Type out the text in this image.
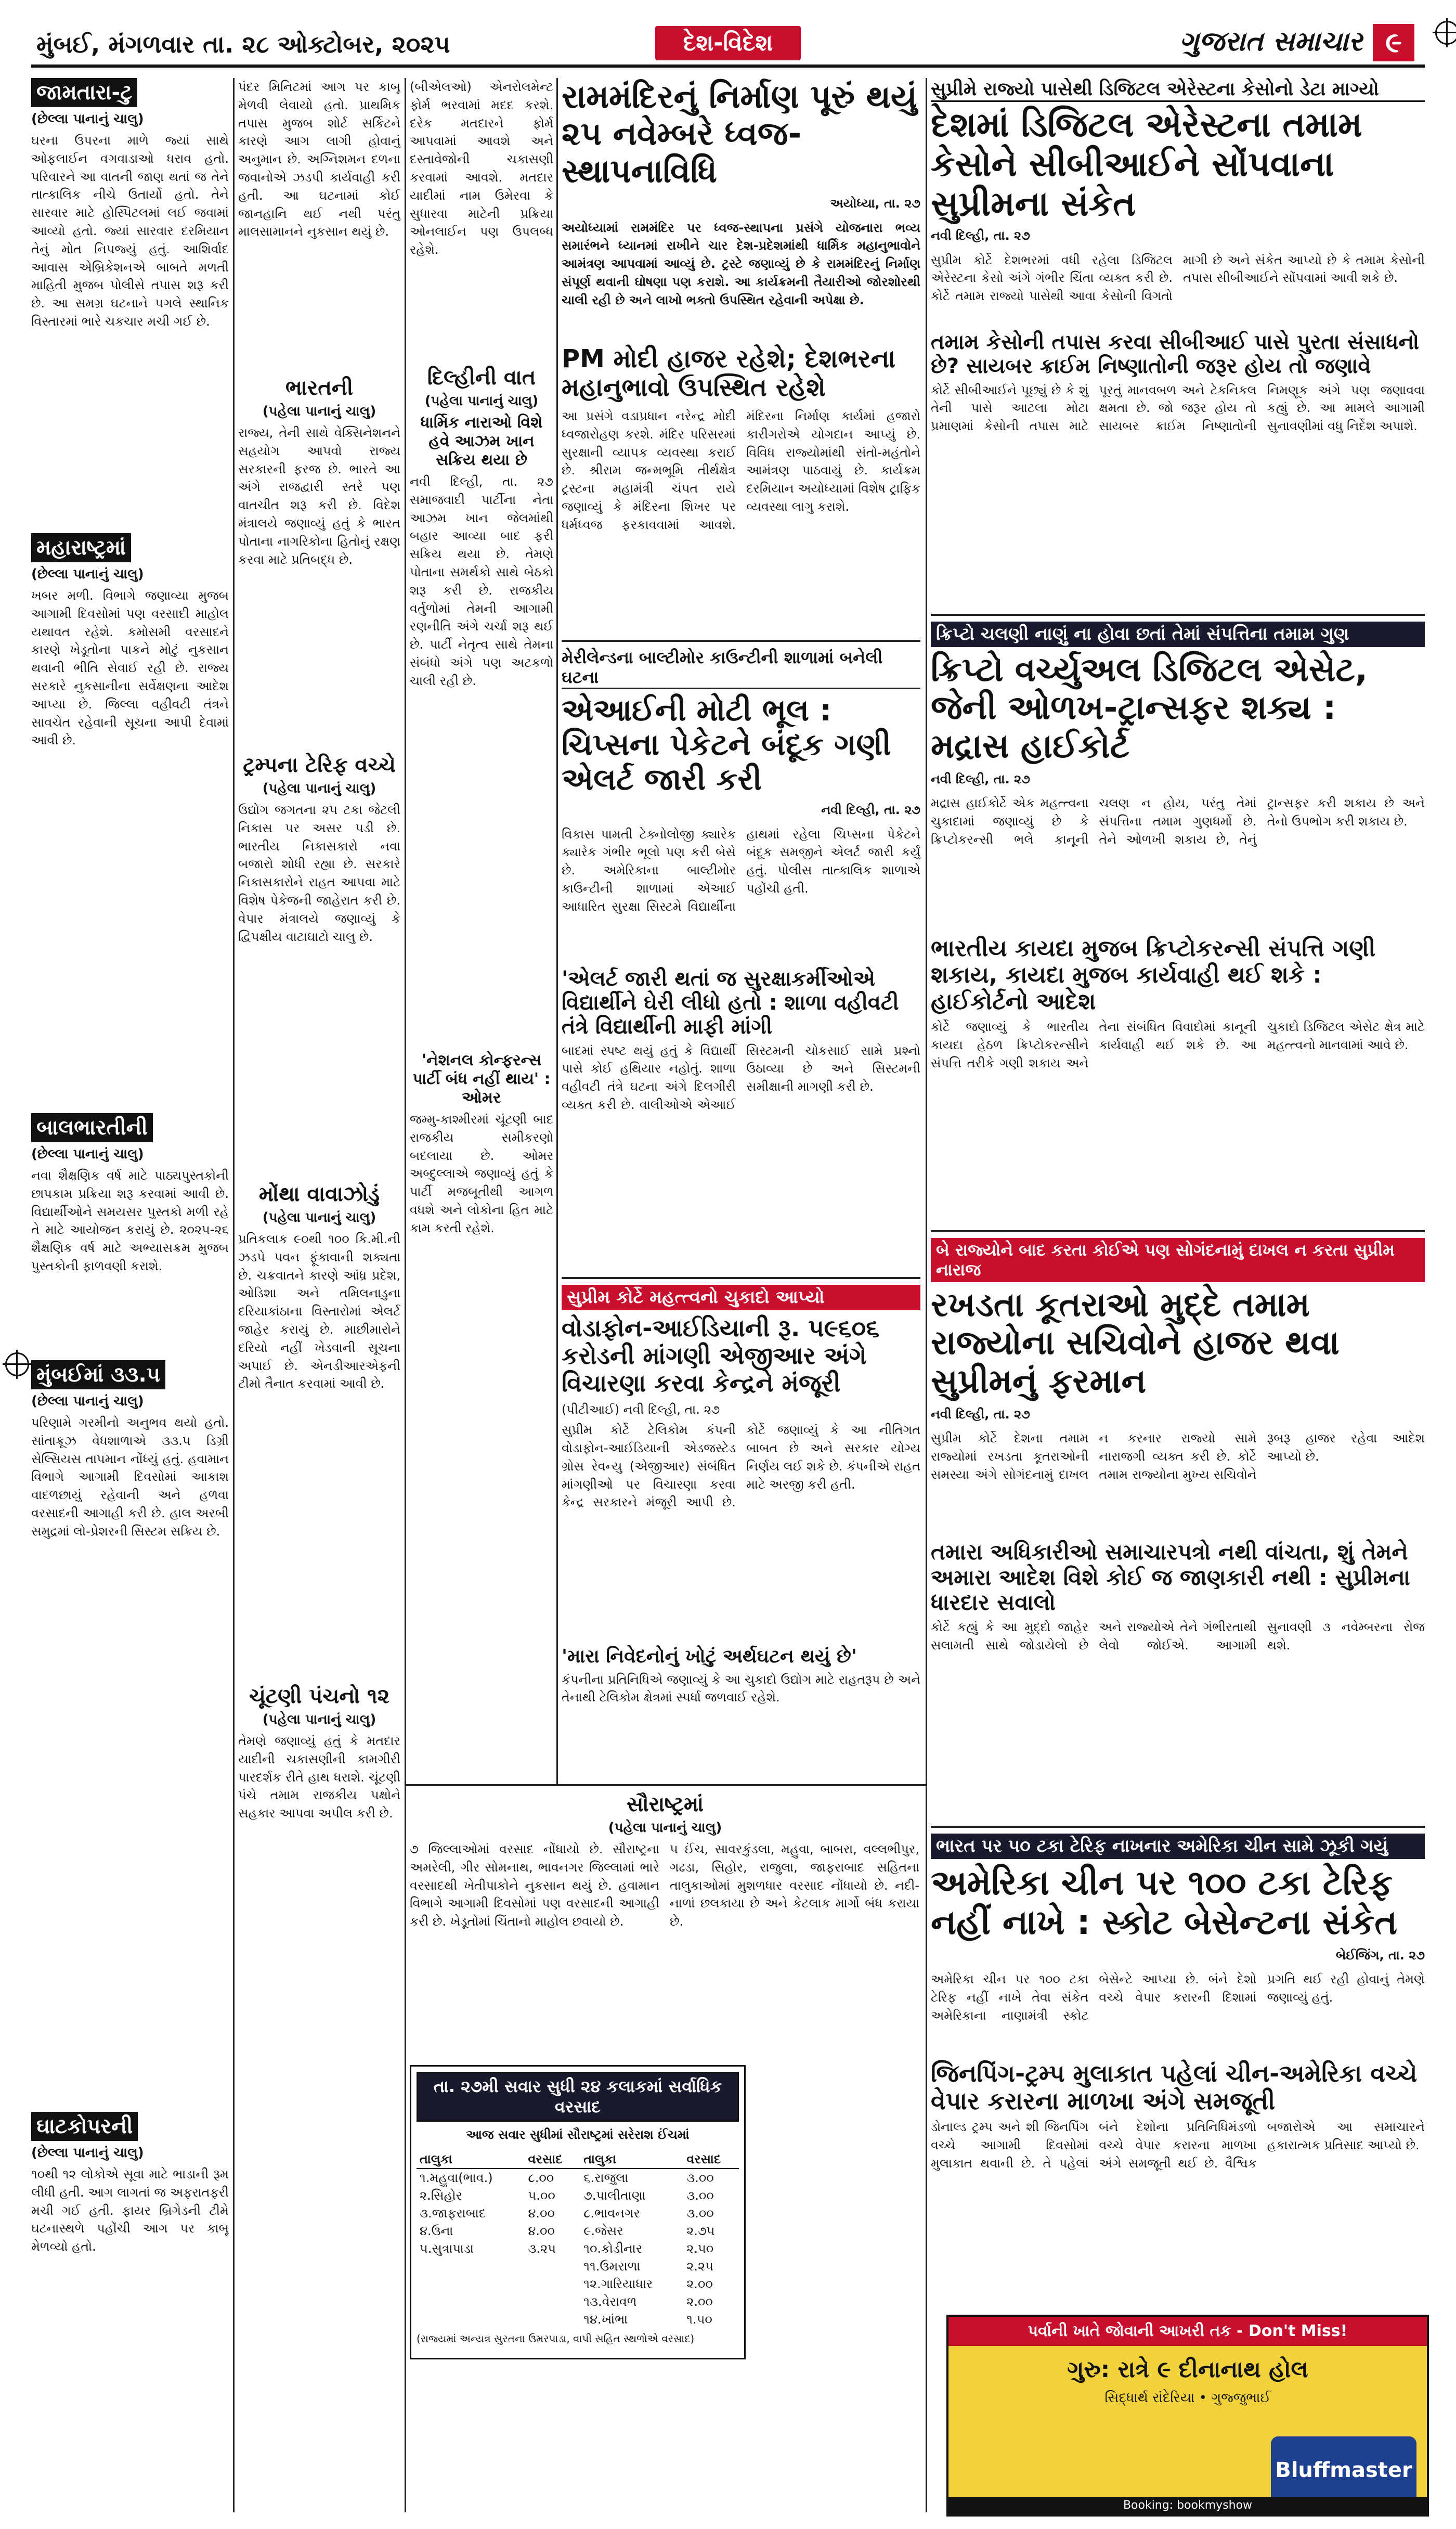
મુંબઈ, મંગળવાર તા. ૨૮ ઓક્ટોબર, ૨૦૨૫	દેશ-વિદેશ	ગુજરાત સમાચાર ૯
જામતારા-ટુ
(છેલ્લા પાનાનું ચાલુ)

ઘરના ઉપરના માળે જ્યાં સાથે ઓફલાઈન વગવાડાઓ ધરાવ હતો. પરિવારને આ વાતની જાણ થતાં જ તેને તાત્કાલિક નીચે ઉતાર્યો હતો. તેને સારવાર માટે હોસ્પિટલમાં લઈ જવામાં આવ્યો હતો. જ્યાં સારવાર દરમિયાન તેનું મોત નિપજ્યું હતું. આશિર્વાદ આવાસ એબ્રિકેશનએ બાબતે મળતી માહિતી મુજબ પોલીસે તપાસ શરૂ કરી છે. આ સમગ્ર ઘટનાને પગલે સ્થાનિક વિસ્તારમાં ભારે ચકચાર મચી ગઈ છે.

મહારાષ્ટ્રમાં
(છેલ્લા પાનાનું ચાલુ)

ખબર મળી. વિભાગે જણાવ્યા મુજબ આગામી દિવસોમાં પણ વરસાદી માહોલ યથાવત રહેશે. કમોસમી વરસાદને કારણે ખેડૂતોના પાકને મોટું નુકસાન થવાની ભીતિ સેવાઈ રહી છે. રાજ્ય સરકારે નુકસાનીના સર્વેક્ષણના આદેશ આપ્યા છે. જિલ્લા વહીવટી તંત્રને સાવચેત રહેવાની સૂચના આપી દેવામાં આવી છે.

બાલભારતીની
(છેલ્લા પાનાનું ચાલુ)

નવા શૈક્ષણિક વર્ષ માટે પાઠ્યપુસ્તકોની છાપકામ પ્રક્રિયા શરૂ કરવામાં આવી છે. વિદ્યાર્થીઓને સમયસર પુસ્તકો મળી રહે તે માટે આયોજન કરાયું છે. ૨૦૨૫-૨૬ શૈક્ષણિક વર્ષ માટે અભ્યાસક્રમ મુજબ પુસ્તકોની ફાળવણી કરાશે.

મુંબઈમાં ૩૩.૫
(છેલ્લા પાનાનું ચાલુ)

પરિણામે ગરમીનો અનુભવ થયો હતો. સાંતાક્રૂઝ વેધશાળાએ ૩૩.૫ ડિગ્રી સેલ્સિયસ તાપમાન નોંધ્યું હતું. હવામાન વિભાગે આગામી દિવસોમાં આકાશ વાદળછાયું રહેવાની અને હળવા વરસાદની આગાહી કરી છે. હાલ અરબી સમુદ્રમાં લો-પ્રેશરની સિસ્ટમ સક્રિય છે.

ઘાટકોપરની
(છેલ્લા પાનાનું ચાલુ)

૧૦થી ૧૨ લોકોએ સૂવા માટે ભાડાની રૂમ લીધી હતી. આગ લાગતાં જ અફરાતફરી મચી ગઈ હતી. ફાયર બ્રિગેડની ટીમે ઘટનાસ્થળે પહોંચી આગ પર કાબૂ મેળવ્યો હતો.

પંદર મિનિટમાં આગ પર કાબૂ મેળવી લેવાયો હતો. પ્રાથમિક તપાસ મુજબ શોર્ટ સર્કિટને કારણે આગ લાગી હોવાનું અનુમાન છે. અગ્નિશમન દળના જવાનોએ ઝડપી કાર્યવાહી કરી હતી. આ ઘટનામાં કોઈ જાનહાનિ થઈ નથી પરંતુ માલસામાનને નુકસાન થયું છે.

ભારતની
(પહેલા પાનાનું ચાલુ)

રાજ્ય, તેની સાથે વેક્સિનેશનને સહયોગ આપવો રાજ્ય સરકારની ફરજ છે. ભારતે આ અંગે રાજદ્વારી સ્તરે પણ વાતચીત શરૂ કરી છે. વિદેશ મંત્રાલયે જણાવ્યું હતું કે ભારત પોતાના નાગરિકોના હિતોનું રક્ષણ કરવા માટે પ્રતિબદ્ધ છે.

ટ્રમ્પના ટેરિફ વચ્ચે
(પહેલા પાનાનું ચાલુ)

ઉદ્યોગ જગતના ૨૫ ટકા જેટલી નિકાસ પર અસર પડી છે. ભારતીય નિકાસકારો નવા બજારો શોધી રહ્યા છે. સરકારે નિકાસકારોને રાહત આપવા માટે વિશેષ પેકેજની જાહેરાત કરી છે. વેપાર મંત્રાલયે જણાવ્યું કે દ્વિપક્ષીય વાટાઘાટો ચાલુ છે.

મોંથા વાવાઝોડું
(પહેલા પાનાનું ચાલુ)

પ્રતિકલાક ૯૦થી ૧૦૦ કિ.મી.ની ઝડપે પવન ફૂંકાવાની શક્યતા છે. ચક્રવાતને કારણે આંધ્ર પ્રદેશ, ઓડિશા અને તમિલનાડુના દરિયાકાંઠાના વિસ્તારોમાં એલર્ટ જાહેર કરાયું છે. માછીમારોને દરિયો નહીં ખેડવાની સૂચના અપાઈ છે. એનડીઆરએફની ટીમો તૈનાત કરવામાં આવી છે.

ચૂંટણી પંચનો ૧૨
(પહેલા પાનાનું ચાલુ)

તેમણે જણાવ્યું હતું કે મતદાર યાદીની ચકાસણીની કામગીરી પારદર્શક રીતે હાથ ધરાશે. ચૂંટણી પંચે તમામ રાજકીય પક્ષોને સહકાર આપવા અપીલ કરી છે.

(બીએલઓ) એનરોલમેન્ટ ફોર્મ ભરવામાં મદદ કરશે. દરેક મતદારને ફોર્મ આપવામાં આવશે અને દસ્તાવેજોની ચકાસણી કરવામાં આવશે. મતદાર યાદીમાં નામ ઉમેરવા કે સુધારવા માટેની પ્રક્રિયા ઓનલાઈન પણ ઉપલબ્ધ રહેશે.

દિલ્હીની વાત
(પહેલા પાનાનું ચાલુ)
ધાર્મિક નારાઓ વિશે હવે આઝમ ખાન સક્રિય થયા છે

નવી દિલ્હી, તા. ૨૭ સમાજવાદી પાર્ટીના નેતા આઝમ ખાન જેલમાંથી બહાર આવ્યા બાદ ફરી સક્રિય થયા છે. તેમણે પોતાના સમર્થકો સાથે બેઠકો શરૂ કરી છે. રાજકીય વર્તુળોમાં તેમની આગામી રણનીતિ અંગે ચર્ચા શરૂ થઈ છે. પાર્ટી નેતૃત્વ સાથે તેમના સંબંધો અંગે પણ અટકળો ચાલી રહી છે.

'નેશનલ કોન્ફરન્સ પાર્ટી બંધ નહીં થાય' : ઓમર

જમ્મુ-કાશ્મીરમાં ચૂંટણી બાદ રાજકીય સમીકરણો બદલાયા છે. ઓમર અબ્દુલ્લાએ જણાવ્યું હતું કે પાર્ટી મજબૂતીથી આગળ વધશે અને લોકોના હિત માટે કામ કરતી રહેશે.

રામમંદિરનું નિર્માણ પૂરું થયું ૨૫ નવેમ્બરે ધ્વજ-સ્થાપનાવિધિ
અયોધ્યા, તા. ૨૭

અયોધ્યામાં રામમંદિર પર ધ્વજ-સ્થાપના પ્રસંગે યોજનારા ભવ્ય સમારંભને ધ્યાનમાં રાખીને ચાર દેશ-પ્રદેશમાંથી ધાર્મિક મહાનુભાવોને આમંત્રણ આપવામાં આવ્યું છે. ટ્રસ્ટે જણાવ્યું છે કે રામમંદિરનું નિર્માણ સંપૂર્ણ થવાની ઘોષણા પણ કરાશે. આ કાર્યક્રમની તૈયારીઓ જોરશોરથી ચાલી રહી છે અને લાખો ભક્તો ઉપસ્થિત રહેવાની અપેક્ષા છે.

PM મોદી હાજર રહેશે; દેશભરના મહાનુભાવો ઉપસ્થિત રહેશે

આ પ્રસંગે વડાપ્રધાન નરેન્દ્ર મોદી ધ્વજારોહણ કરશે. મંદિર પરિસરમાં સુરક્ષાની વ્યાપક વ્યવસ્થા કરાઈ છે. શ્રીરામ જન્મભૂમિ તીર્થક્ષેત્ર ટ્રસ્ટના મહામંત્રી ચંપત રાયે જણાવ્યું કે મંદિરના શિખર પર ધર્મધ્વજ ફરકાવવામાં આવશે. મંદિરના નિર્માણ કાર્યમાં હજારો કારીગરોએ યોગદાન આપ્યું છે. વિવિધ રાજ્યોમાંથી સંતો-મહંતોને આમંત્રણ પાઠવાયું છે. કાર્યક્રમ દરમિયાન અયોધ્યામાં વિશેષ ટ્રાફિક વ્યવસ્થા લાગુ કરાશે.

મેરીલેન્ડના બાલ્ટીમોર કાઉન્ટીની શાળામાં બનેલી ઘટના
એઆઈની મોટી ભૂલ : ચિપ્સના પેકેટને બંદૂક ગણી એલર્ટ જારી કરી
નવી દિલ્હી, તા. ૨૭

વિકાસ પામતી ટેક્નોલોજી ક્યારેક ક્યારેક ગંભીર ભૂલો પણ કરી બેસે છે. અમેરિકાના બાલ્ટીમોર કાઉન્ટીની શાળામાં એઆઈ આધારિત સુરક્ષા સિસ્ટમે વિદ્યાર્થીના હાથમાં રહેલા ચિપ્સના પેકેટને બંદૂક સમજીને એલર્ટ જારી કર્યું હતું. પોલીસ તાત્કાલિક શાળાએ પહોંચી હતી.

'એલર્ટ જારી થતાં જ સુરક્ષાકર્મીઓએ વિદ્યાર્થીને ઘેરી લીધો હતો : શાળા વહીવટી તંત્રે વિદ્યાર્થીની માફી માંગી

બાદમાં સ્પષ્ટ થયું હતું કે વિદ્યાર્થી પાસે કોઈ હથિયાર નહોતું. શાળા વહીવટી તંત્રે ઘટના અંગે દિલગીરી વ્યક્ત કરી છે. વાલીઓએ એઆઈ સિસ્ટમની ચોકસાઈ સામે પ્રશ્નો ઉઠાવ્યા છે અને સિસ્ટમની સમીક્ષાની માગણી કરી છે.

સુપ્રીમ કોર્ટે મહત્ત્વનો ચુકાદો આપ્યો
વોડાફોન-આઈડિયાની રૂ. ૫૯૬૦૬ કરોડની માંગણી એજીઆર અંગે વિચારણા કરવા કેન્દ્રને મંજૂરી

(પીટીઆઈ) નવી દિલ્હી, તા. ૨૭

સુપ્રીમ કોર્ટે ટેલિકોમ કંપની વોડાફોન-આઈડિયાની એડજસ્ટેડ ગ્રોસ રેવન્યુ (એજીઆર) સંબંધિત માંગણીઓ પર વિચારણા કરવા કેન્દ્ર સરકારને મંજૂરી આપી છે. કોર્ટે જણાવ્યું કે આ નીતિગત બાબત છે અને સરકાર યોગ્ય નિર્ણય લઈ શકે છે. કંપનીએ રાહત માટે અરજી કરી હતી.

'મારા નિવેદનોનું ખોટું અર્થઘટન થયું છે'

કંપનીના પ્રતિનિધિએ જણાવ્યું કે આ ચુકાદો ઉદ્યોગ માટે રાહતરૂપ છે અને તેનાથી ટેલિકોમ ક્ષેત્રમાં સ્પર્ધા જળવાઈ રહેશે.

સૌરાષ્ટ્રમાં
(પહેલા પાનાનું ચાલુ)

૭ જિલ્લાઓમાં વરસાદ નોંધાયો છે. સૌરાષ્ટ્રના અમરેલી, ગીર સોમનાથ, ભાવનગર જિલ્લામાં ભારે વરસાદથી ખેતીપાકોને નુકસાન થયું છે. હવામાન વિભાગે આગામી દિવસોમાં પણ વરસાદની આગાહી કરી છે. ખેડૂતોમાં ચિંતાનો માહોલ છવાયો છે.

૫ ઈંચ, સાવરકુંડલા, મહુવા, બાબરા, વલ્લભીપુર, ગઢડા, સિહોર, રાજુલા, જાફરાબાદ સહિતના તાલુકાઓમાં મુશળધાર વરસાદ નોંધાયો છે. નદી-નાળાં છલકાયા છે અને કેટલાક માર્ગો બંધ કરાયા છે.

તા. ૨૭મી સવાર સુધી ૨૪ કલાકમાં સર્વાધિક વરસાદ
આજ સવાર સુધીમાં સૌરાષ્ટ્રમાં સરેરાશ ઈંચમાં
તાલુકા	વરસાદ	તાલુકા	વરસાદ
૧.મહુવા(ભાવ.)	૮.૦૦	૬.રાજુલા	૩.૦૦
૨.સિહોર	૫.૦૦	૭.પાલીતાણા	૩.૦૦
૩.જાફરાબાદ	૪.૦૦	૮.ભાવનગર	૩.૦૦
૪.ઉના	૪.૦૦	૯.જેસર	૨.૭૫
૫.સુત્રાપાડા	૩.૨૫	૧૦.કોડીનાર	૨.૫૦
		૧૧.ઉમરાળા	૨.૨૫
		૧૨.ગારિયાધાર	૨.૦૦
		૧૩.વેરાવળ	૨.૦૦
		૧૪.ખાંભા	૧.૫૦
(રાજ્યમાં અન્યત્ર સુરતના ઉમરપાડા, વાપી સહિત સ્થળોએ વરસાદ)
સુપ્રીમે રાજ્યો પાસેથી ડિજિટલ એરેસ્ટના કેસોનો ડેટા માગ્યો
દેશમાં ડિજિટલ એરેસ્ટના તમામ કેસોને સીબીઆઈને સોંપવાના સુપ્રીમના સંકેત
નવી દિલ્હી, તા. ૨૭

સુપ્રીમ કોર્ટે દેશભરમાં વધી રહેલા ડિજિટલ એરેસ્ટના કેસો અંગે ગંભીર ચિંતા વ્યક્ત કરી છે. કોર્ટે તમામ રાજ્યો પાસેથી આવા કેસોની વિગતો માગી છે અને સંકેત આપ્યો છે કે તમામ કેસોની તપાસ સીબીઆઈને સોંપવામાં આવી શકે છે.

તમામ કેસોની તપાસ કરવા સીબીઆઈ પાસે પુરતા સંસાધનો છે? સાયબર ક્રાઈમ નિષ્ણાતોની જરૂર હોય તો જણાવે

કોર્ટે સીબીઆઈને પૂછ્યું છે કે શું તેની પાસે આટલા મોટા પ્રમાણમાં કેસોની તપાસ માટે પૂરતું માનવબળ અને ટેકનિકલ ક્ષમતા છે. જો જરૂર હોય તો સાયબર ક્રાઈમ નિષ્ણાતોની નિમણૂક અંગે પણ જણાવવા કહ્યું છે. આ મામલે આગામી સુનાવણીમાં વધુ નિર્દેશ અપાશે.

ક્રિપ્ટો ચલણી નાણું ના હોવા છતાં તેમાં સંપત્તિના તમામ ગુણ
ક્રિપ્ટો વર્ચ્યુઅલ ડિજિટલ એસેટ, જેની ઓળખ-ટ્રાન્સફર શક્ય : મદ્રાસ હાઈકોર્ટ
નવી દિલ્હી, તા. ૨૭

મદ્રાસ હાઈકોર્ટે એક મહત્ત્વના ચુકાદામાં જણાવ્યું છે કે ક્રિપ્ટોકરન્સી ભલે કાનૂની ચલણ ન હોય, પરંતુ તેમાં સંપત્તિના તમામ ગુણધર્મો છે. તેને ઓળખી શકાય છે, તેનું ટ્રાન્સફર કરી શકાય છે અને તેનો ઉપભોગ કરી શકાય છે.

ભારતીય કાયદા મુજબ ક્રિપ્ટોકરન્સી સંપત્તિ ગણી શકાય, કાયદા મુજબ કાર્યવાહી થઈ શકે : હાઈકોર્ટનો આદેશ

કોર્ટે જણાવ્યું કે ભારતીય કાયદા હેઠળ ક્રિપ્ટોકરન્સીને સંપત્તિ તરીકે ગણી શકાય અને તેના સંબંધિત વિવાદોમાં કાનૂની કાર્યવાહી થઈ શકે છે. આ ચુકાદો ડિજિટલ એસેટ ક્ષેત્ર માટે મહત્ત્વનો માનવામાં આવે છે.

બે રાજ્યોને બાદ કરતા કોઈએ પણ સોગંદનામું દાખલ ન કરતા સુપ્રીમ નારાજ
રખડતા કૂતરાઓ મુદ્દે તમામ રાજ્યોના સચિવોને હાજર થવા સુપ્રીમનું ફરમાન
નવી દિલ્હી, તા. ૨૭

સુપ્રીમ કોર્ટે દેશના તમામ રાજ્યોમાં રખડતા કૂતરાઓની સમસ્યા અંગે સોગંદનામું દાખલ ન કરનાર રાજ્યો સામે નારાજગી વ્યક્ત કરી છે. કોર્ટે તમામ રાજ્યોના મુખ્ય સચિવોને રૂબરૂ હાજર રહેવા આદેશ આપ્યો છે.

તમારા અધિકારીઓ સમાચારપત્રો નથી વાંચતા, શું તેમને અમારા આદેશ વિશે કોઈ જ જાણકારી નથી : સુપ્રીમના ધારદાર સવાલો

કોર્ટે કહ્યું કે આ મુદ્દો જાહેર સલામતી સાથે જોડાયેલો છે અને રાજ્યોએ તેને ગંભીરતાથી લેવો જોઈએ. આગામી સુનાવણી ૩ નવેમ્બરના રોજ થશે.

ભારત પર ૫૦ ટકા ટેરિફ નાખનાર અમેરિકા ચીન સામે ઝૂકી ગયું
અમેરિકા ચીન પર ૧૦૦ ટકા ટેરિફ નહીં નાખે : સ્કોટ બેસેન્ટના સંકેત
બેઈજિંગ, તા. ૨૭

અમેરિકા ચીન પર ૧૦૦ ટકા ટેરિફ નહીં નાખે તેવા સંકેત અમેરિકાના નાણામંત્રી સ્કોટ બેસેન્ટે આપ્યા છે. બંને દેશો વચ્ચે વેપાર કરારની દિશામાં પ્રગતિ થઈ રહી હોવાનું તેમણે જણાવ્યું હતું.

જિનપિંગ-ટ્રમ્પ મુલાકાત પહેલાં ચીન-અમેરિકા વચ્ચે વેપાર કરારના માળખા અંગે સમજૂતી

ડોનાલ્ડ ટ્રમ્પ અને શી જિનપિંગ વચ્ચે આગામી દિવસોમાં મુલાકાત થવાની છે. તે પહેલાં બંને દેશોના પ્રતિનિધિમંડળો વચ્ચે વેપાર કરારના માળખા અંગે સમજૂતી થઈ છે. વૈશ્વિક બજારોએ આ સમાચારને હકારાત્મક પ્રતિસાદ આપ્યો છે.

પર્વાની ખાતે જોવાની આખરી તક - Don't Miss!
ગુરુ: રાત્રે ૯ દીનાનાથ હોલ
સિદ્ધાર્થ રાંદેરિયા • ગુજ્જુભાઈ
Bluffmaster
Booking: bookmyshow
